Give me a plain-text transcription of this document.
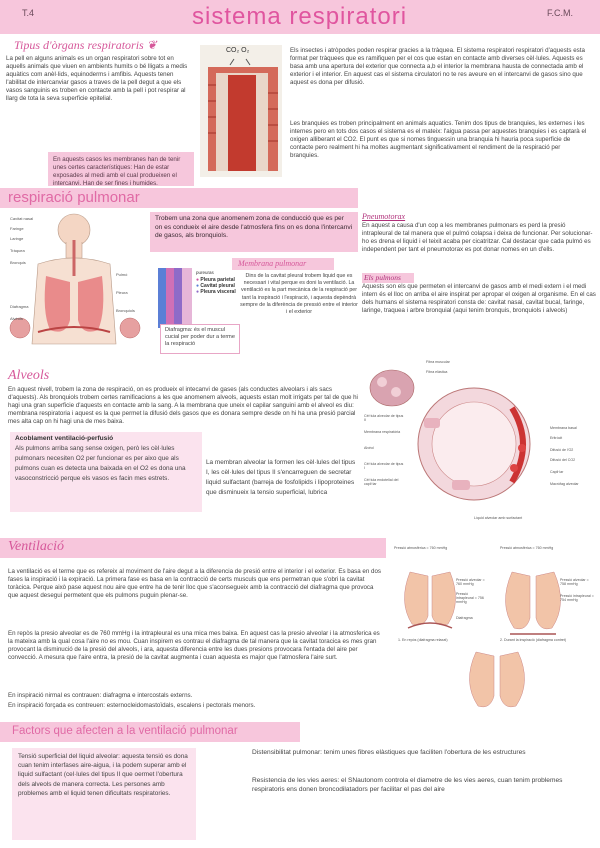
T.4	sistema respiratori	F.C.M.
Tipus d'òrgans respiratoris ❦

La pell en alguns animals es un organ respiratori sobre tot en aquells animals que viuen en ambients humits o bé lligats a medis aquàtics com anèl·lids, equinoderms i amfibis. Aquests tenen l'abilitat de intercanviar gasos a traves de la pell degut a que els vasos sanguinis es troben en contacte amb la pell i pot respirar al llarg de tota la seva superficie epitelial.

En aquests casos les membranes han de tenir unes certes característiques: Han de estar exposades al medi amb el cual produeixen el intercanvi. Han de ser fines i humides.

CO₂ O₂	Els insectes i atròpodes poden respirar gracies a la tràquea. El sistema respiratori respiratori d'aquests esta format per tràquees que es ramifiquen per el cos que estan en contacte amb diverses cèl·lules. Aquests es basa amb una apertura del exterior que connecta a,b el interior la membrana hausta de connectada amb el exterior i el interior. En aquest cas el sistema circulatori no te res aveure en el intercanvi de gasos sino que aquest es dona per difusió.

Les branquies es troben principalment en animals aquatics. Tenim dos tipus de branquies, les externes i les internes pero en tots dos casos el sistema es el mateix: l'aigua passa per aquestes branquies i es captarà el oxigen alliberant el CO2. El punt es que si nomes tinguessin una branquia hi hauria poca superficie de contacte pero realment hi ha moltes augmentant significativament el rendiment de la respiració per branquies.

respiració pulmonar
Cavitat nasal
Faringe
Laringe
Tràquea
Bronquis
Pulmó
Diafragma
Pleura
Bronquiols
Alvèols

Trobem una zona que anomenem zona de conducció que es per on es condueix el aire desde l'atmosfera fins on es dona l'intercanvi de gasos, als bronquiols.

Membrana pulmonar
pureuras
● Pleura parietal
● Cavitat pleural
● Pleura visceral

Dins de la cavitat pleural trobem liquid que es necessari i vital perque es doni la ventilació. La ventilació es la part mecànica de la respiració per tant la inspiració i l'espiració, i aquesta depèndrà sempre de la diferència de pressió entre el interior i el exterior

Diafragma: és el muscul cucial per poder dur a terme la respiració

Pneumotorax

En aquest a causa d'un cop a les membranes pulmonars es perd la presió intrapleural de tal manera que el pulmó colapsa i deixa de funcionar. Per solucionar-ho es drena el liquid i el teixit acaba per cicatritzar. Cal destacar que cada pulmó es independent per tant el pneumotorax es pot donar nomes en un d'ells.

Els pulmons

Aquests son els que permeten el intercanvi de gasos amb el medi extern i el medi intern és el lloc on arriba el aire inspirat per apropar el oxigen al organisme. En el cas dels humans el sistema respiratori consta de: cavitat nasal, cavitat bucal, faringe, laringe, traquea i arbre bronquial (aqui tenim bronquis, bronquiols i alveols)

Alveols

En aquest nivell, trobem la zona de respiració, on es produeix el intecanvi de gases (als conductes alveolars i als sacs d'aquests). Als bronquiols trobem certes ramificacions a les que anomenem alveols, aquests estan molt irrigats per tal de que hi hagi una gran superficie d'aquests en contacte amb la sang. A la membrana que uneix el capilar sanguini amb el alveol es diu: membrana respiratoria i aquest es la que permet la difusió dels gasos que es donara sempre desde on hi ha una presió parcial mes alta cap on hi hagi una de mes baixa.

Acoblament ventilació-perfusió

Als pulmons arriba sang sense oxigen, però les cèl·lules pulmonars necesiten O2 per funcionar es per aixo que als pulmons cuan es detecta una baixada en el O2 es dona una vasoconstricció perque els vasos es facin mes estrets.

La membran alveolar la formen les cèl·lules del tipus I, les cèl·lules del tipus II s'encarreguen de secretar liquid sulfactant (barreja de fosfolipids i lipoproteines que disminueix la tensio superficial, lubrica

Fibra muscular
Fibra elàstica
Cèl·lula alveolar de tipus II
Membrana respiratòria
Alvèol
Cèl·lula alveolar de tipus I
Cèl·lula endotelial del capil·lar
Membrana basal
Eritròcit
Difusió de l'O2
Difusió del CO2
Capil·lar
Macròfag alveolar
Líquid alveolar amb surfactant
Ventilació

La ventilació es el terme que es refereix al moviment de l'aire degut a la diferencia de presió entre el interior i el exterior. Es basa en dos fases la inspiració i la expiració. La primera fase es basa en la contracció de certs musculs que ens permetran que s'obri la cavitat toràcica. Perque això pase aquest nou aire que entre ha de tenir lloc que s'aconsegueix amb la contracció del diafragma que provoca que aquest desegui permetent que els pulmons puguin plenar-se.

En repòs la presio alveolar es de 760 mmHg i la intrapleural es una mica mes baixa. En aquest cas la presio alveolar i la atmosferica es la mateixa amb la qual cosa l'aire no es mou. Cuan inspirem es contrau el diafragma de tal manera que la cavitat toracica es mes gran provocant la disminució de la presió del alveols, i ara, aquesta diferencia entre les dues presions provocara l'entada del aire per convecció. A mesura que l'aire entra, la presió de la cavitat augmenta i cuan aquesta es major que l'atmosfera l'aire surt.

En inspiració nirmal es contrauen: diafragma e intercostals externs.

En inspiració forçada es contreuen: esternocleidomastoïdals, escalens i pectorals menors.

Pressió atmosfèrica = 760 mmHg
Pressió alveolar = 760 mmHg
Pressió intrapleural = 756 mmHg
Diafragma
1. En repòs (diafragma relaxat)	2. Durant la inspiració (diafragma contret)
Pressió atmosfèrica = 760 mmHg
Pressió alveolar = 758 mmHg
Pressió intrapleural = 754 mmHg
Factors que afecten a la ventilació pulmonar

Tensió superficial del liquid alveolar: aquesta tensió es dona cuan tenim interfases aire-aigua, i la podem superar amb el liquid sulfactant (cel·lules del tipus II que oermet l'obertura dels alveols de manera correcta. Les persones amb problemes amb el liquid tenen dificultats respiratories.

Distensibilitat pulmonar: tenim unes fibres elàstiques que faciliten l'obertura de les estructures

Resistencia de les vies aeres: el SNautonom controla el diametre de les vies aeres, cuan tenim problemes respiratoris ens donen broncodilatadors per facilitar el pas del aire
